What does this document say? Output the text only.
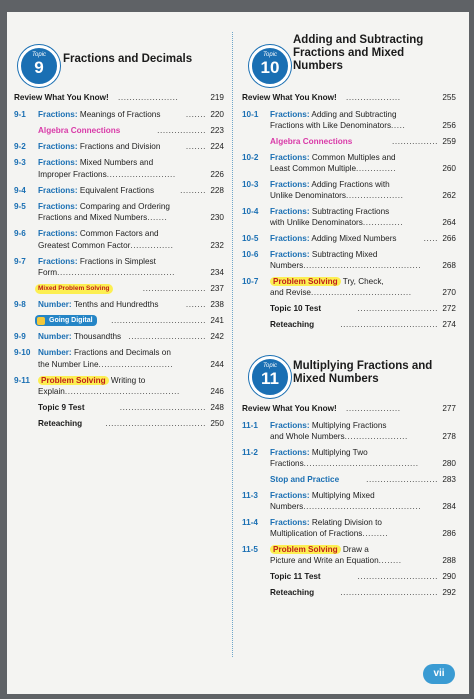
Topic
9	Fractions and Decimals
Review What You Know! .....................	219
9-1 Fractions: Meanings of Fractions	....... 220
Algebra Connections	................. 223
9-2 Fractions: Fractions and Division	....... 224
9-3 Fractions: Mixed Numbers and
Improper Fractions........................	226
9-4 Fractions: Equivalent Fractions	......... 228
9-5 Fractions: Comparing and Ordering
Fractions and Mixed Numbers.......	230
9-6 Fractions: Common Factors and
Greatest Common Factor...............	232
9-7 Fractions: Fractions in Simplest
Form.........................................	234
Mixed Problem Solving	...................... 237
9-8 Number: Tenths and Hundredths	....... 238
Going Digital	................................. 241
9-9 Number: Thousandths ........................... 242
9-10 Number: Fractions and Decimals on
the Number Line..........................	244
9-11	Problem Solving Writing to
Explain........................................	246
Topic 9 Test	.............................. 248
Reteaching	................................... 250
Topic
10
Adding and Subtracting
Fractions and Mixed
Numbers
Topic
11
Multiplying Fractions and
Mixed Numbers
Review What You Know! ...................	255
Review What You Know! ...................	277
10-1 Fractions: Adding and Subtracting
Fractions with Like Denominators.....	256
Algebra Connections	................ 259
10-2 Fractions: Common Multiples and
Least Common Multiple..............	260
10-3 Fractions: Adding Fractions with
Unlike Denominators....................	262
10-4 Fractions: Subtracting Fractions
with Unlike Denominators..............	264
10-5 Fractions: Adding Mixed Numbers	..... 266
10-6 Fractions: Subtracting Mixed
Numbers.........................................	268
10-7	Problem Solving Try, Check,
and Revise...................................	270
Topic 10 Test	............................ 272
Reteaching	.................................. 274
11-1 Fractions: Multiplying Fractions
and Whole Numbers......................	278
11-2 Fractions: Multiplying Two
Fractions........................................	280
Stop and Practice	......................... 283
11-3 Fractions: Multiplying Mixed
Numbers.........................................	284
11-4 Fractions: Relating Division to
Multiplication of Fractions.........	286
11-5	Problem Solving Draw a
Picture and Write an Equation........	288
Topic 11 Test	............................ 290
Reteaching	.................................. 292
vii
